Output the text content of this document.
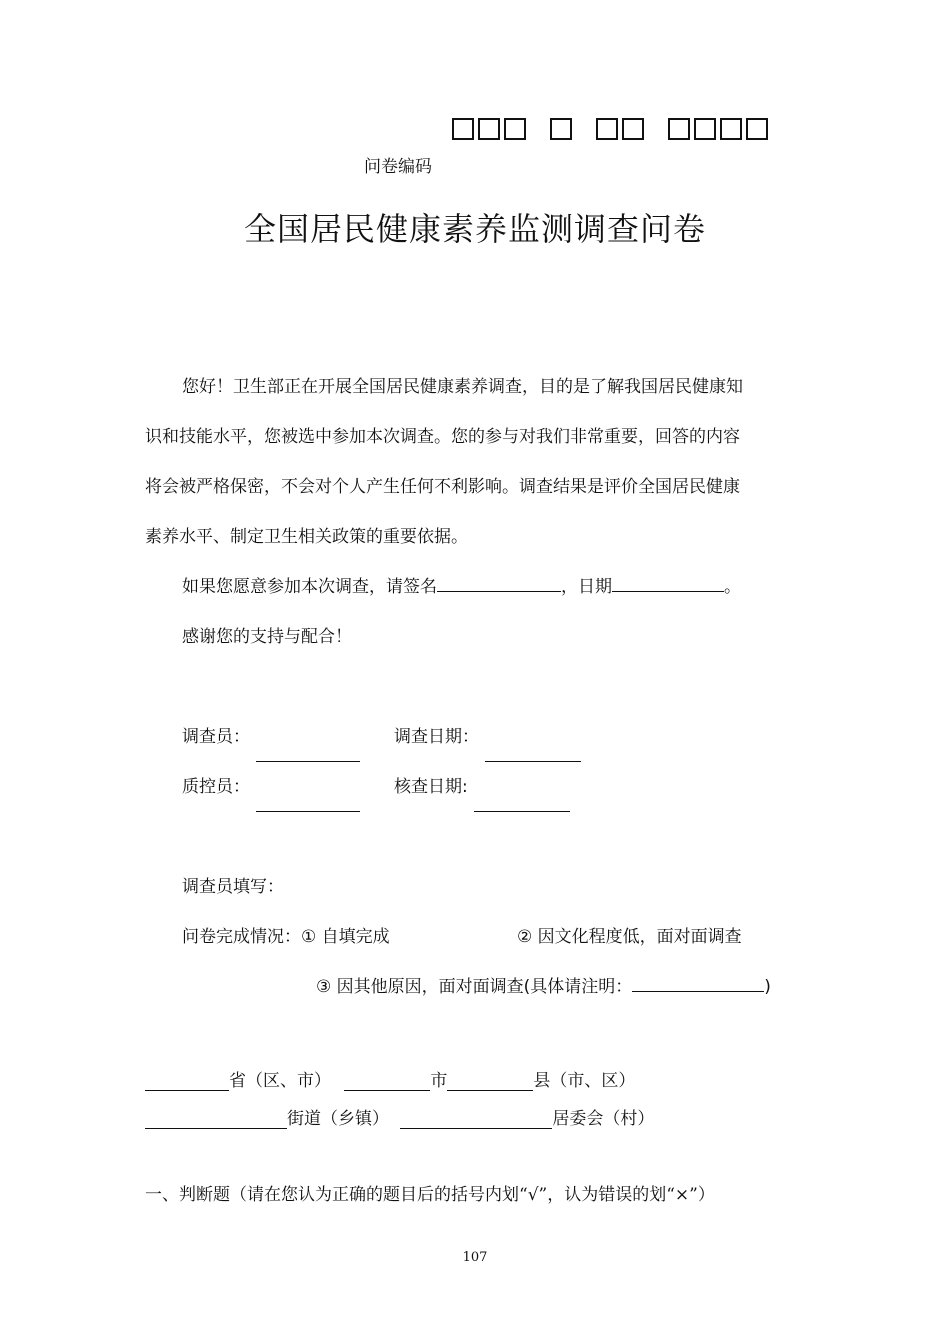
问卷编码
全国居民健康素养监测调查问卷
您好！卫生部正在开展全国居民健康素养调查，目的是了解我国居民健康知
识和技能水平，您被选中参加本次调查。您的参与对我们非常重要，回答的内容
将会被严格保密，不会对个人产生任何不利影响。调查结果是评价全国居民健康
素养水平、制定卫生相关政策的重要依据。
如果您愿意参加本次调查，请签名	，日期	。
感谢您的支持与配合！
调查员：	调查日期：
质控员：	核查日期:
调查员填写：
问卷完成情况：① 自填完成	② 因文化程度低，面对面调查
③ 因其他原因，面对面调查(具体请注明：	)
省（区、市）	市	县（市、区）
街道（乡镇）	居委会（村）
一、判断题（请在您认为正确的题目后的括号内划“√”，认为错误的划“×”）
107
